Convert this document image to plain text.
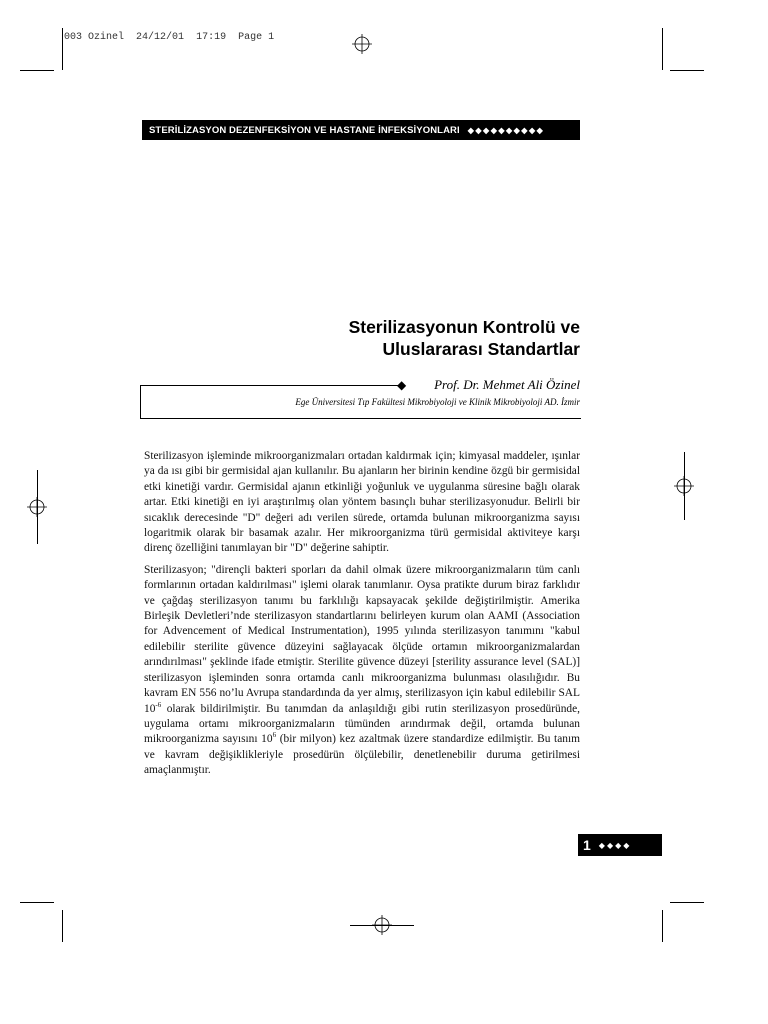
003 Ozinel 24/12/01 17:19 Page 1
STERİLİZASYON DEZENFEKSİYON VE HASTANE İNFEKSİYONLARI ◆◆◆◆◆◆◆◆◆◆
Sterilizasyonun Kontrolü ve
Uluslararası Standartlar
◆ Prof. Dr. Mehmet Ali Özinel
Ege Üniversitesi Tıp Fakültesi Mikrobiyoloji ve Klinik Mikrobiyoloji AD. İzmir

Sterilizasyon işleminde mikroorganizmaları ortadan kaldırmak için; kimyasal maddeler, ışınlar ya da ısı gibi bir germisidal ajan kullanılır. Bu ajanların her birinin kendine özgü bir germisidal etki kinetiği vardır. Germisidal ajanın etkinliği yoğunluk ve uygulanma süresine bağlı olarak artar. Etki kinetiği en iyi araştırılmış olan yöntem basınçlı buhar sterilizasyonudur. Belirli bir sıcaklık derecesinde "D" değeri adı verilen sürede, ortamda bulunan mikroorganizma sayısı logaritmik olarak bir basamak azalır. Her mikroorganizma türü germisidal aktiviteye karşı direnç özelliğini tanımlayan bir "D" değerine sahiptir.

Sterilizasyon; "dirençli bakteri sporları da dahil olmak üzere mikroorganizmaların tüm canlı formlarının ortadan kaldırılması" işlemi olarak tanımlanır. Oysa pratikte durum biraz farklıdır ve çağdaş sterilizasyon tanımı bu farklılığı kapsayacak şekilde değiştirilmiştir. Amerika Birleşik Devletleri’nde sterilizasyon standartlarını belirleyen kurum olan AAMI (Association for Advencement of Medical Instrumentation), 1995 yılında sterilizasyon tanımını "kabul edilebilir sterilite güvence düzeyini sağlayacak ölçüde ortamın mikroorganizmalardan arındırılması" şeklinde ifade etmiştir. Sterilite güvence düzeyi [sterility assurance level (SAL)] sterilizasyon işleminden sonra ortamda canlı mikroorganizma bulunması olasılığıdır. Bu kavram EN 556 no’lu Avrupa standardında da yer almış, sterilizasyon için kabul edilebilir SAL $10^{-6}$ olarak bildirilmiştir. Bu tanımdan da anlaşıldığı gibi rutin sterilizasyon prosedüründe, uygulama ortamı mikroorganizmaların tümünden arındırmak değil, ortamda bulunan mikroorganizma sayısını $10^6$ (bir milyon) kez azaltmak üzere standardize edilmiştir. Bu tanım ve kavram değişiklikleriyle prosedürün ölçülebilir, denetlenebilir duruma getirilmesi amaçlanmıştır.

1 ◆◆◆◆
